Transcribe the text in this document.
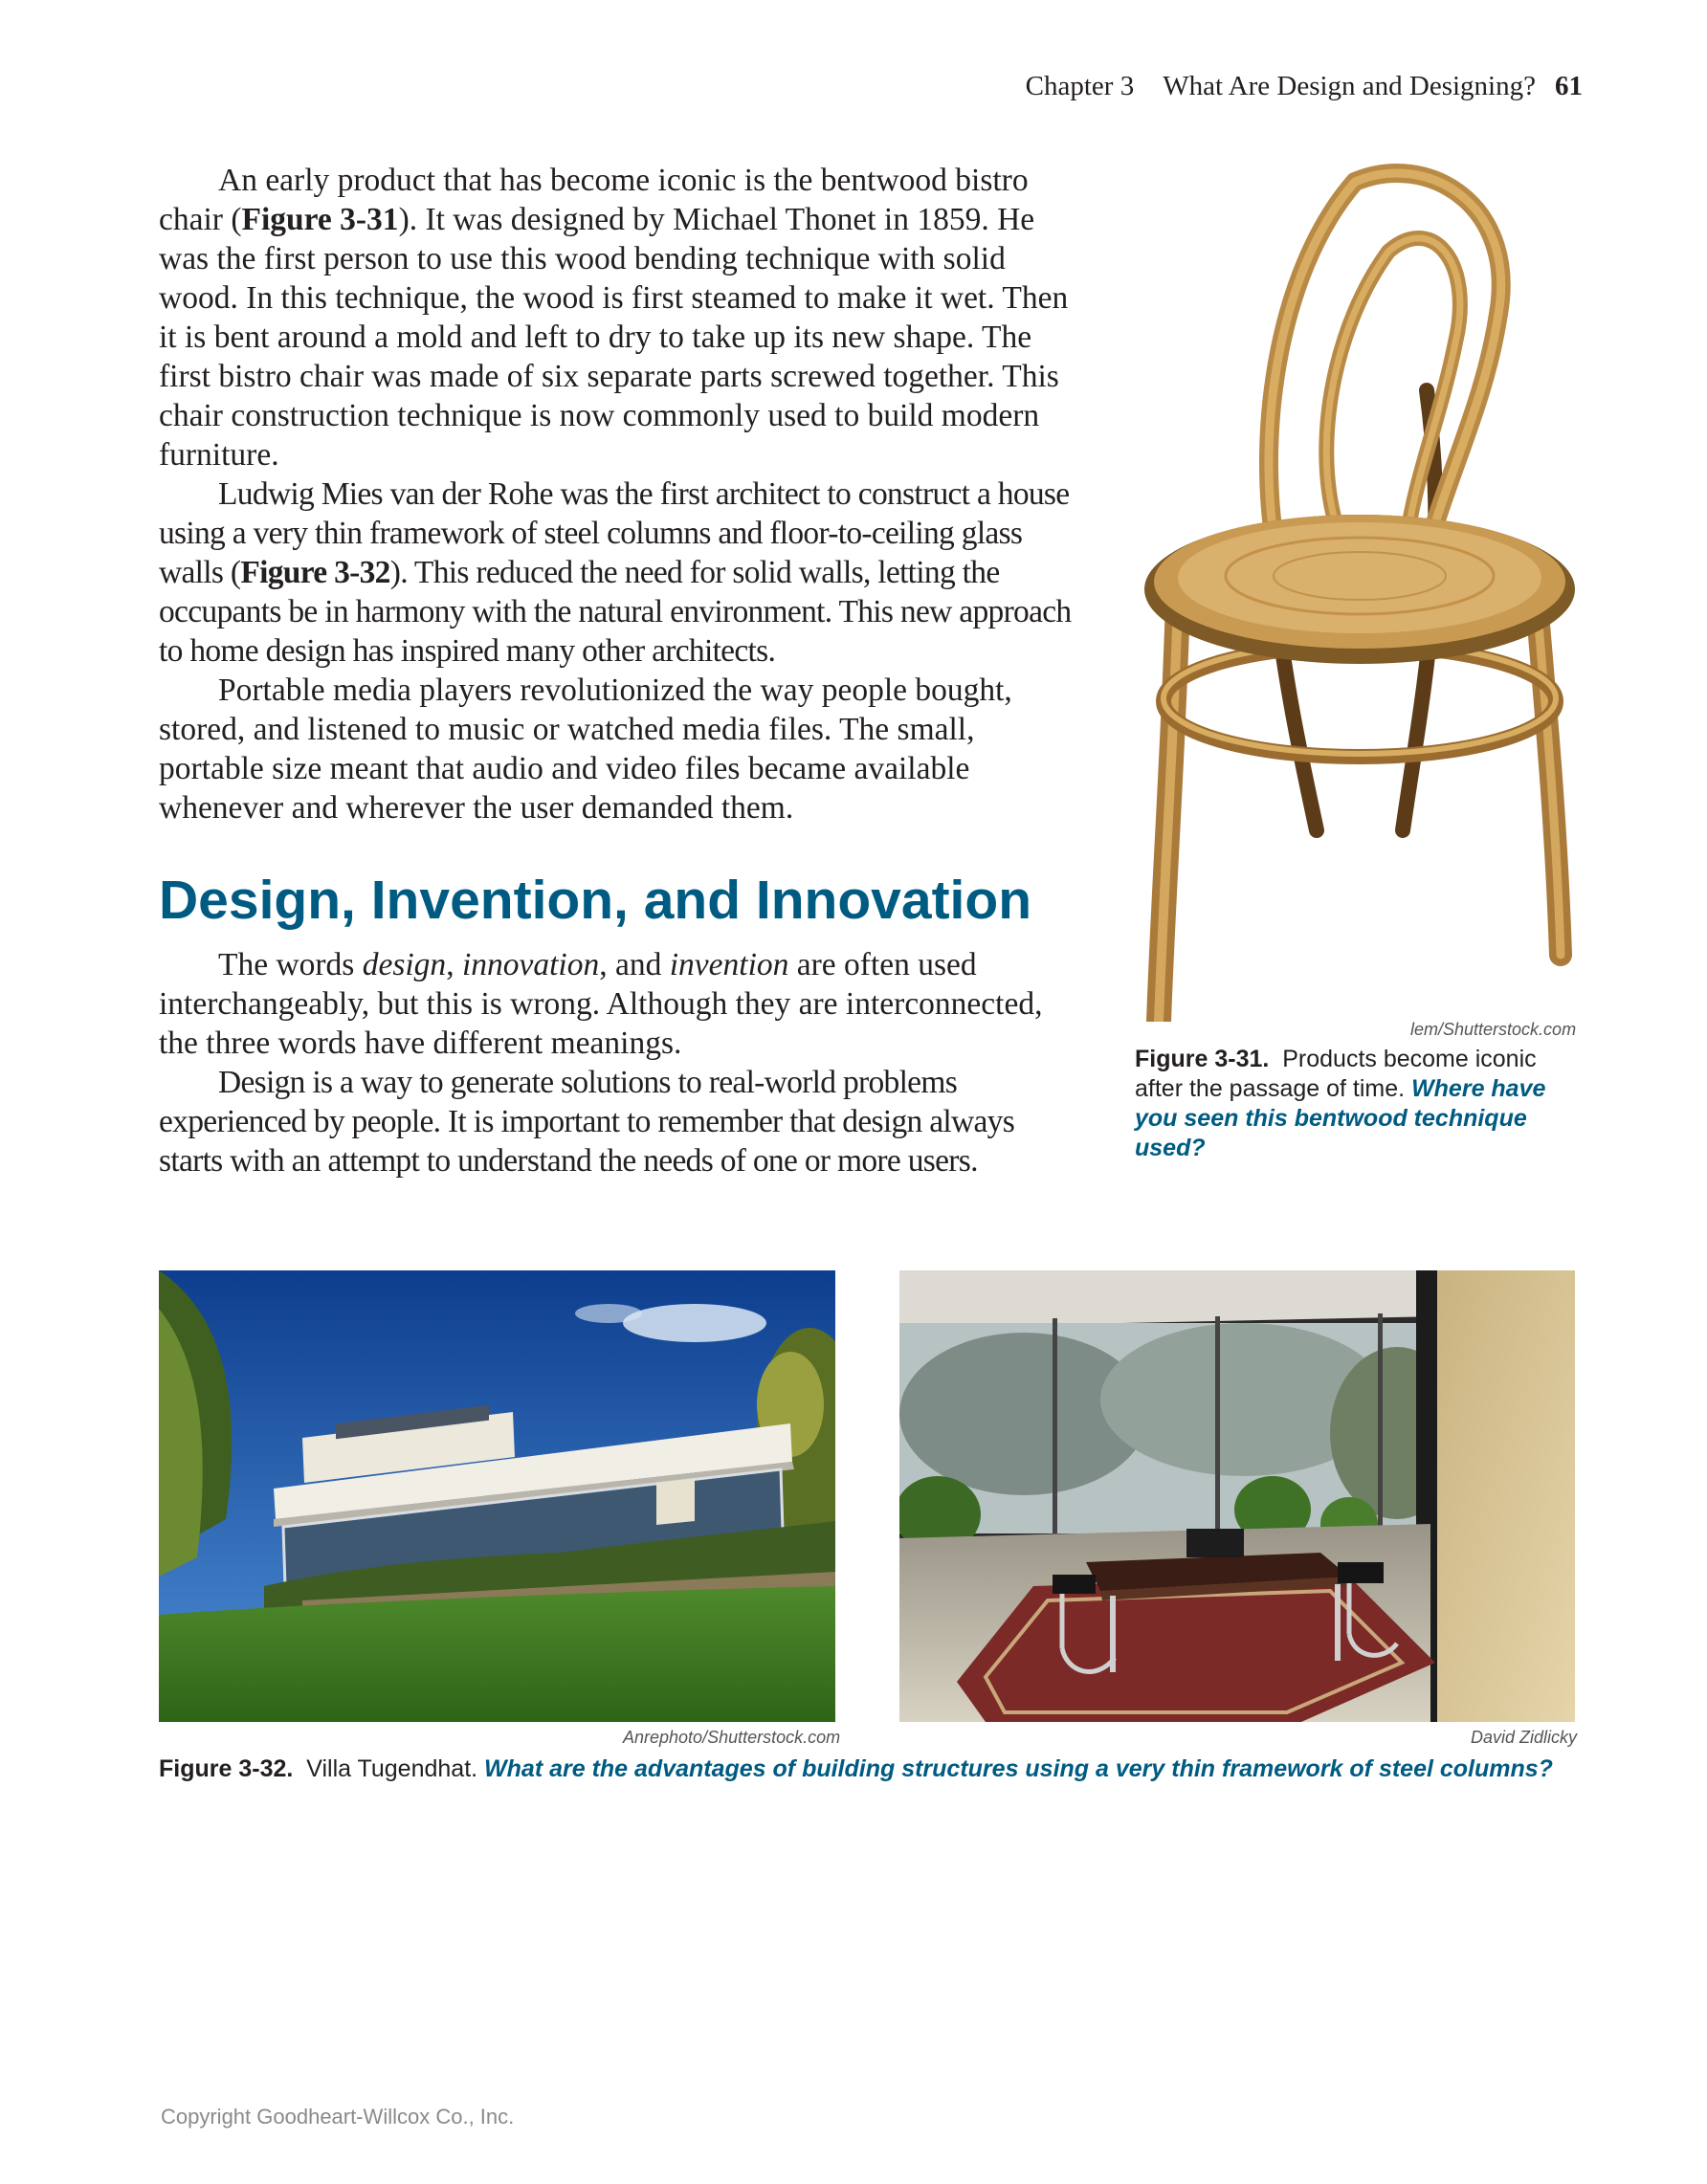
Chapter 3 What Are Design and Designing? 61

An early product that has become iconic is the bentwood bistro chair (Figure 3-31). It was designed by Michael Thonet in 1859. He was the first person to use this wood bending technique with solid wood. In this technique, the wood is first steamed to make it wet. Then it is bent around a mold and left to dry to take up its new shape. The first bistro chair was made of six separate parts screwed together. This chair construction technique is now commonly used to build modern furniture.

Ludwig Mies van der Rohe was the first architect to construct a house using a very thin framework of steel columns and floor-to-ceiling glass walls (Figure 3-32). This reduced the need for solid walls, letting the occupants be in harmony with the natural environment. This new approach to home design has inspired many other architects.

Portable media players revolutionized the way people bought, stored, and listened to music or watched media files. The small, portable size meant that audio and video files became available whenever and wherever the user demanded them.

Design, Invention, and Innovation

The words design, innovation, and invention are often used interchangeably, but this is wrong. Although they are interconnected, the three words have different meanings.

Design is a way to generate solutions to real-world problems experienced by people. It is important to remember that design always starts with an attempt to understand the needs of one or more users.

lem/Shutterstock.com
Figure 3-31. Products become iconic after the passage of time. Where have you seen this bentwood technique used?
Anrephoto/Shutterstock.com	David Zidlicky
Figure 3-32. Villa Tugendhat. What are the advantages of building structures using a very thin framework of steel columns?
Copyright Goodheart-Willcox Co., Inc.
